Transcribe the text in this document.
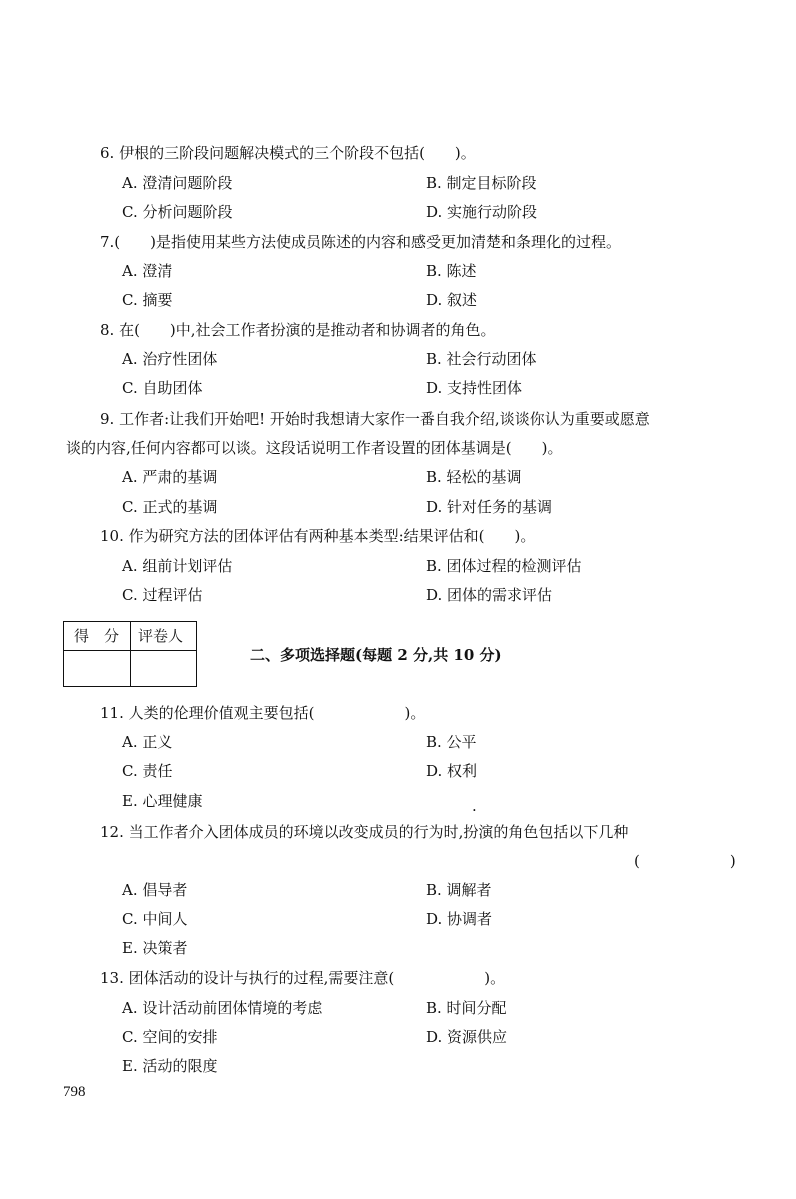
6. 伊根的三阶段问题解决模式的三个阶段不包括(　　)。
A. 澄清问题阶段	B. 制定目标阶段
C. 分析问题阶段	D. 实施行动阶段
7.(　　)是指使用某些方法使成员陈述的内容和感受更加清楚和条理化的过程。
A. 澄清	B. 陈述
C. 摘要	D. 叙述
8. 在(　　)中,社会工作者扮演的是推动者和协调者的角色。
A. 治疗性团体	B. 社会行动团体
C. 自助团体	D. 支持性团体
9. 工作者:让我们开始吧! 开始时我想请大家作一番自我介绍,谈谈你认为重要或愿意
谈的内容,任何内容都可以谈。这段话说明工作者设置的团体基调是(　　)。
A. 严肃的基调	B. 轻松的基调
C. 正式的基调	D. 针对任务的基调
10. 作为研究方法的团体评估有两种基本类型:结果评估和(　　)。
A. 组前计划评估	B. 团体过程的检测评估
C. 过程评估	D. 团体的需求评估
得　分 评卷人
二、多项选择题(每题 2 分,共 10 分)
11. 人类的伦理价值观主要包括(　　　　　　)。
A. 正义	B. 公平
C. 责任	D. 权利
E. 心理健康	.
12. 当工作者介入团体成员的环境以改变成员的行为时,扮演的角色包括以下几种
(　　　　　　)
A. 倡导者	B. 调解者
C. 中间人	D. 协调者
E. 决策者
13. 团体活动的设计与执行的过程,需要注意(　　　　　　)。
A. 设计活动前团体情境的考虑	B. 时间分配
C. 空间的安排	D. 资源供应
E. 活动的限度
798
